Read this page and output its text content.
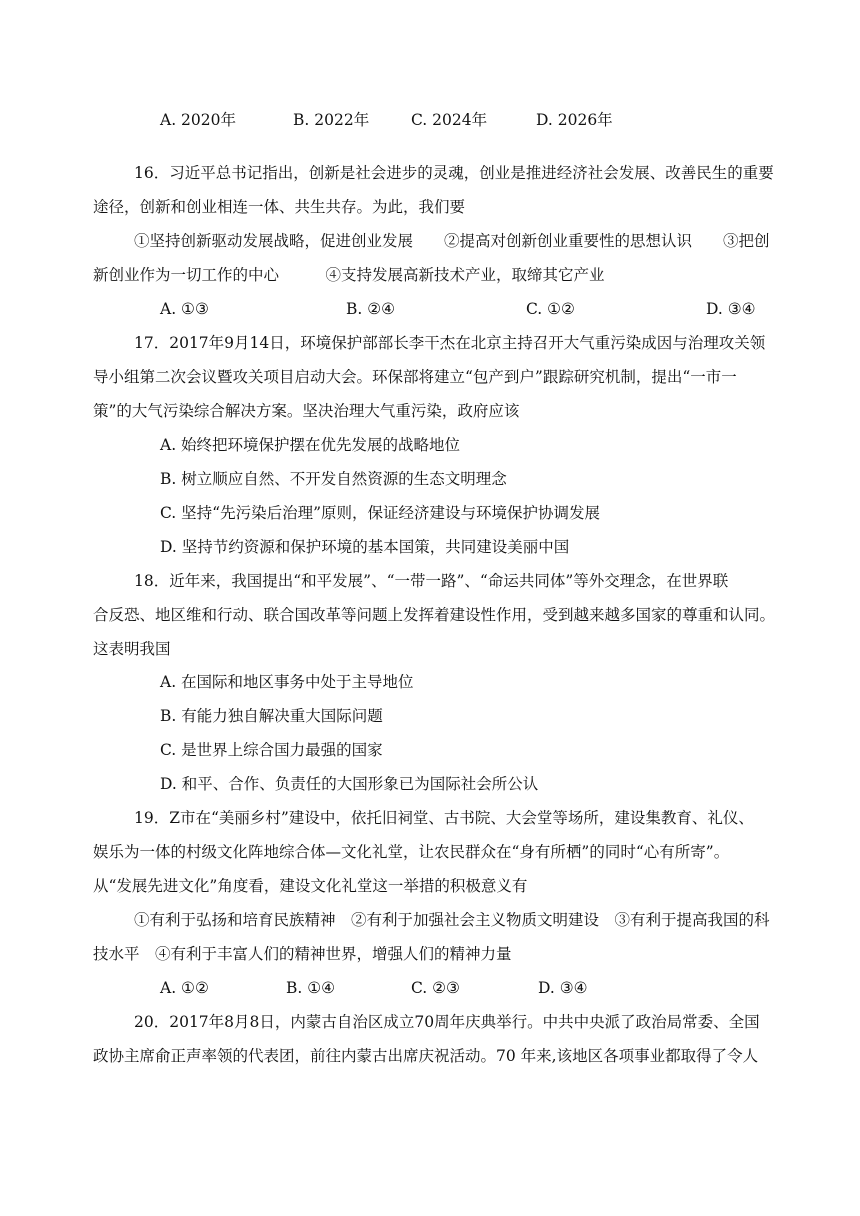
A. 2020年	B. 2022年	C. 2024年	D. 2026年
16．习近平总书记指出，创新是社会进步的灵魂，创业是推进经济社会发展、改善民生的重要
途径，创新和创业相连一体、共生共存。为此，我们要
①坚持创新驱动发展战略，促进创业发展　　②提高对创新创业重要性的思想认识　　③把创
新创业作为一切工作的中心　　　④支持发展高新技术产业，取缔其它产业
A. ①③	B. ②④	C. ①②	D. ③④
17．2017年9月14日，环境保护部部长李干杰在北京主持召开大气重污染成因与治理攻关领
导小组第二次会议暨攻关项目启动大会。环保部将建立“包产到户”跟踪研究机制，提出“一市一
策”的大气污染综合解决方案。坚决治理大气重污染，政府应该
A. 始终把环境保护摆在优先发展的战略地位
B. 树立顺应自然、不开发自然资源的生态文明理念
C. 坚持“先污染后治理”原则，保证经济建设与环境保护协调发展
D. 坚持节约资源和保护环境的基本国策，共同建设美丽中国
18．近年来，我国提出“和平发展”、“一带一路”、“命运共同体”等外交理念，在世界联
合反恐、地区维和行动、联合国改革等问题上发挥着建设性作用，受到越来越多国家的尊重和认同。
这表明我国
A. 在国际和地区事务中处于主导地位
B. 有能力独自解决重大国际问题
C. 是世界上综合国力最强的国家
D. 和平、合作、负责任的大国形象已为国际社会所公认
19．Z市在“美丽乡村”建设中，依托旧祠堂、古书院、大会堂等场所，建设集教育、礼仪、
娱乐为一体的村级文化阵地综合体—文化礼堂，让农民群众在“身有所栖”的同时“心有所寄”。
从“发展先进文化”角度看，建设文化礼堂这一举措的积极意义有
①有利于弘扬和培育民族精神　②有利于加强社会主义物质文明建设　③有利于提高我国的科
技水平　④有利于丰富人们的精神世界，增强人们的精神力量
A. ①②	B. ①④	C. ②③	D. ③④
20．2017年8月8日，内蒙古自治区成立70周年庆典举行。中共中央派了政治局常委、全国
政协主席俞正声率领的代表团，前往内蒙古出席庆祝活动。70 年来,该地区各项事业都取得了令人
